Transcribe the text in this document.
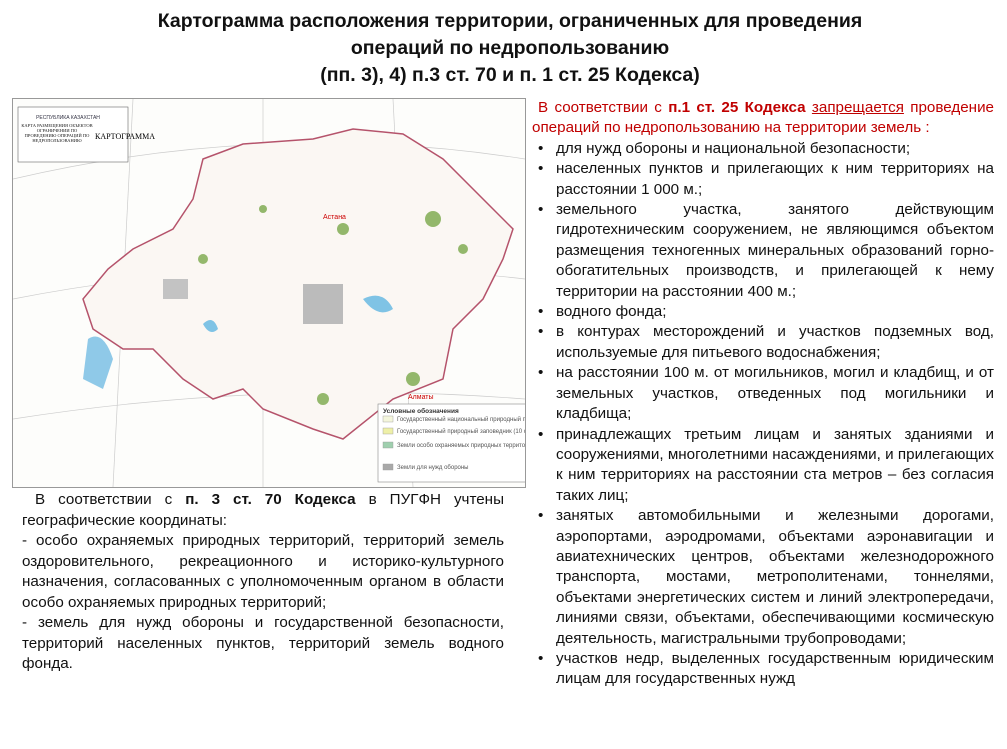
Картограмма расположения территории, ограниченных для проведения
операций по недропользованию
(пп. 3), 4) п.3 ст. 70 и п. 1 ст. 25 Кодекса)
Астана
Алматы
РЕСПУБЛИКА КАЗАХСТАН
КАРТА РАЗМЕЩЕНИЯ ОБЪЕКТОВ ОГРАНИЧЕНИИ ПО ПРОВЕДЕНИЮ ОПЕРАЦИЙ ПО НЕДРОПОЛЬЗОВАНИЮ	КАРТОГРАММА
Условные обозначения
Государственный национальный природный п
Государственный природный заповедник (10
Земли особо охраняемых природных террито
Земли для нужд обороны

В соответствии с п.1 ст. 25 Кодекса запрещается проведение операций по недропользованию на территории земель :

• для нужд обороны и национальной безопасности;
• населенных пунктов и прилегающих к ним территориях на расстоянии 1 000 м.;
• земельного участка, занятого действующим гидротехническим сооружением, не являющимся объектом размещения техногенных минеральных образований горно-обогатительных производств, и прилегающей к нему территории на расстоянии 400 м.;
• водного фонда;
• в контурах месторождений и участков подземных вод, используемые для питьевого водоснабжения;
• на расстоянии 100 м. от могильников, могил и кладбищ, и от земельных участков, отведенных под могильники и кладбища;
• принадлежащих третьим лицам и занятых зданиями и сооружениями, многолетними насаждениями, и прилегающих к ним территориях на расстоянии ста метров – без согласия таких лиц;
• занятых автомобильными и железными дорогами, аэропортами, аэродромами, объектами аэронавигации и авиатехнических центров, объектами железнодорожного транспорта, мостами, метрополитенами, тоннелями, объектами энергетических систем и линий электропередачи, линиями связи, объектами, обеспечивающими космическую деятельность, магистральными трубопроводами;
• участков недр, выделенных государственным юридическим лицам для государственных нужд

В соответствии с п. 3 ст. 70 Кодекса в ПУГФН учтены географические координаты:

- особо охраняемых природных территорий, территорий земель оздоровительного, рекреационного и историко-культурного назначения, согласованных с уполномоченным органом в области особо охраняемых природных территорий;

- земель для нужд обороны и государственной безопасности, территорий населенных пунктов, территорий земель водного фонда.
